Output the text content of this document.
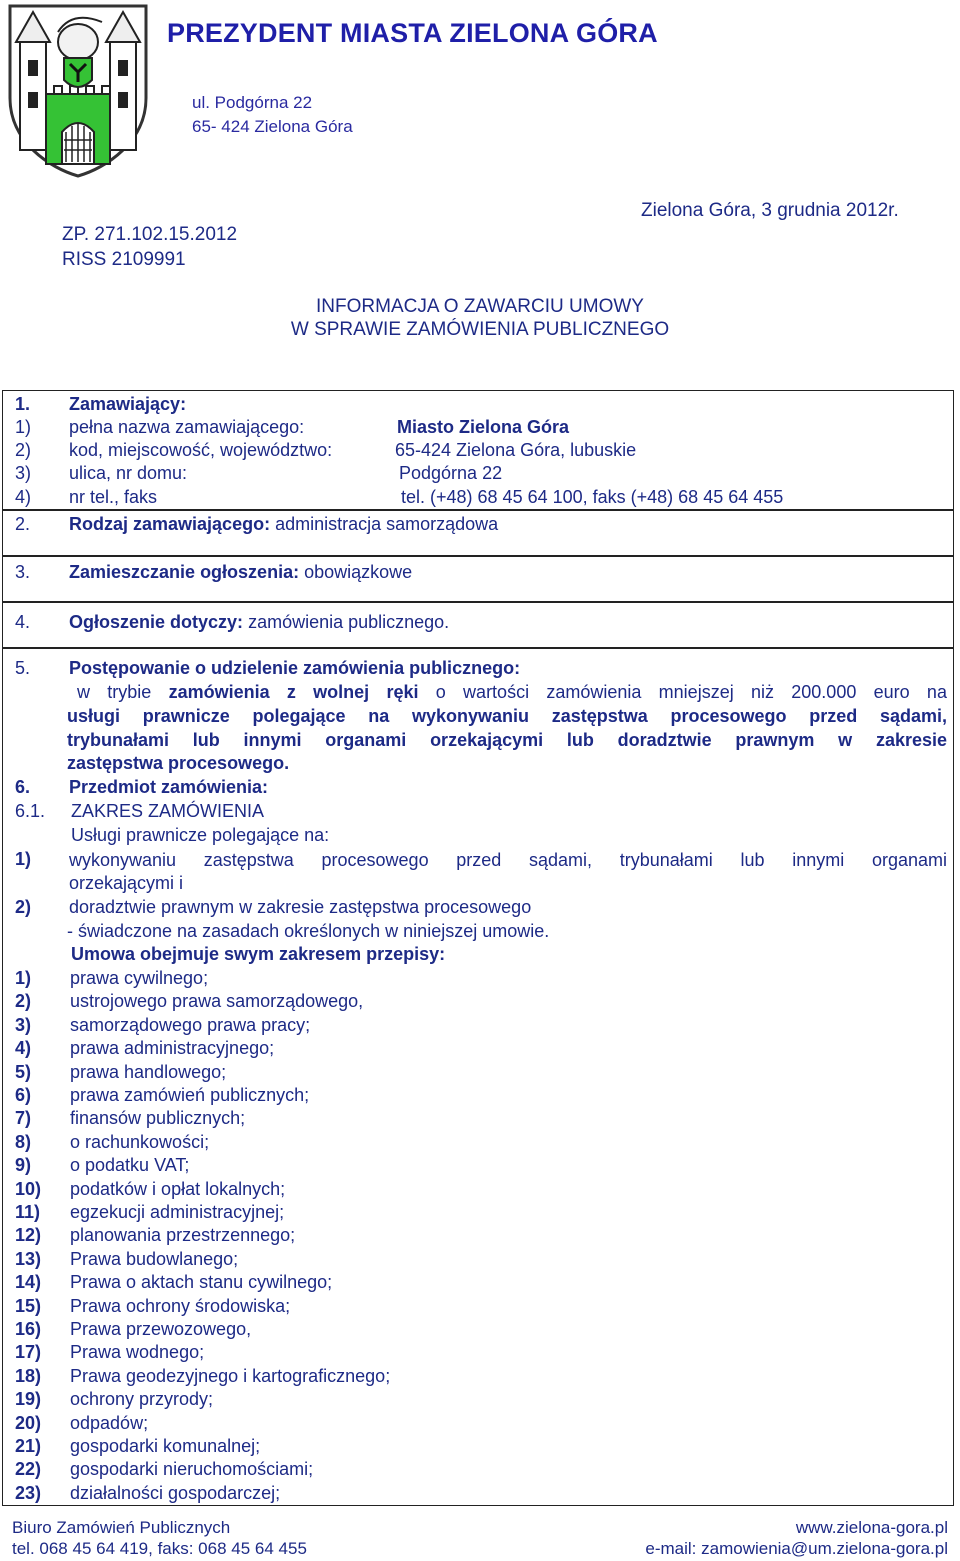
PREZYDENT MIASTA ZIELONA GÓRA
ul. Podgórna 22
65- 424 Zielona Góra
ZP. 271.102.15.2012
RISS 2109991
Zielona Góra, 3 grudnia 2012r.
INFORMACJA O ZAWARCIU UMOWY
W SPRAWIE ZAMÓWIENIA PUBLICZNEGO
1. Zamawiający:
1) pełna nazwa zamawiającego:	Miasto Zielona Góra
2) kod, miejscowość, województwo:	65-424 Zielona Góra, lubuskie
3) ulica, nr domu:	Podgórna 22
4) nr tel., faks	tel. (+48) 68 45 64 100, faks (+48) 68 45 64 455
2. Rodzaj zamawiającego: administracja samorządowa
3. Zamieszczanie ogłoszenia: obowiązkowe
4. Ogłoszenie dotyczy: zamówienia publicznego.
5. Postępowanie o udzielenie zamówienia publicznego:
w trybie zamówienia z wolnej ręki o wartości zamówienia mniejszej niż 200.000 euro na
usługi prawnicze polegające na wykonywaniu zastępstwa procesowego przed sądami,
trybunałami lub innymi organami orzekającymi lub doradztwie prawnym w zakresie
zastępstwa procesowego.
6. Przedmiot zamówienia:
6.1. ZAKRES ZAMÓWIENIA
Usługi prawnicze polegające na:
1) wykonywaniu zastępstwa procesowego przed sądami, trybunałami lub innymi organami
orzekającymi i
2) doradztwie prawnym w zakresie zastępstwa procesowego
- świadczone na zasadach określonych w niniejszej umowie.
Umowa obejmuje swym zakresem przepisy:
1) prawa cywilnego;
2) ustrojowego prawa samorządowego,
3) samorządowego prawa pracy;
4) prawa administracyjnego;
5) prawa handlowego;
6) prawa zamówień publicznych;
7) finansów publicznych;
8) o rachunkowości;
9) o podatku VAT;
10) podatków i opłat lokalnych;
11) egzekucji administracyjnej;
12) planowania przestrzennego;
13) Prawa budowlanego;
14) Prawa o aktach stanu cywilnego;
15) Prawa ochrony środowiska;
16) Prawa przewozowego,
17) Prawa wodnego;
18) Prawa geodezyjnego i kartograficznego;
19) ochrony przyrody;
20) odpadów;
21) gospodarki komunalnej;
22) gospodarki nieruchomościami;
23) działalności gospodarczej;
Biuro Zamówień Publicznych
tel. 068 45 64 419, faks: 068 45 64 455
www.zielona-gora.pl
e-mail: zamowienia@um.zielona-gora.pl
